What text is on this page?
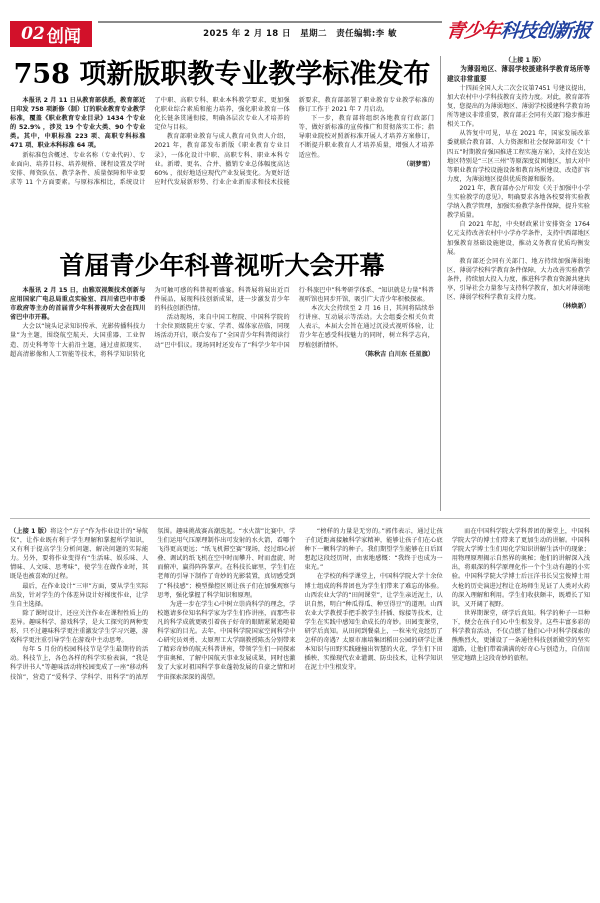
02 创闻	2025 年 2 月 18 日 星期二 责任编辑:李 敏	青少年科技创新报
758 项新版职教专业教学标准发布

本报讯 2 月 11 日从教育部获悉，教育部近日印发 758 项新修（制）订的职业教育专业教学标准，覆盖《职业教育专业目录》1434 个专业的 52.9% ，涉及 19 个专业大类、90 个专业类。其中，中职标准 223 项、高职专科标准 471 项、职业本科标准 64 项。

新标准包含概述、专业名称（专业代码）、专业面向、培养目标、培养规格、课程设置及学时安排、师资队伍、教学条件、质量保障和毕业要求等 11 个方面要素。与原标准相比，系统设计了中职、高职专科、职业本科教学要求，更加强化职业综合素质和能力培养，强化职业教育一体化长链条贯通衔接，明确各层次专业人才培养的定位与目标。

教育部职业教育与成人教育司负责人介绍，2021 年，教育部发布新版《职业教育专业目录》，一体化设计中职、高职专科、职业本科专业。新增、更名、合并、撤销专业总体幅度高达 60% ，很好地适应现代产业发展变化。为更好适应时代发展新形势、行业企业新需求和技术技能新要求，教育部部署了职业教育专业教学标准的修订工作于 2021 年 7 月启动。

下一步，教育部将组织各地教育行政部门等，做好新标准的宣传推广和贯彻落实工作；指导职业院校对照新标准开展人才培养方案修订，不断提升职业教育人才培养质量，增强人才培养适应性。

（胡梦雪）

首届青少年科普视听大会开幕

本报讯 2 月 15 日，由雅双视频技术创新与应用国家广电总局重点实验室、四川省巴中市委市政府等主办的首届青少年科普视听大会在四川省巴中市开幕。

大会以“镜头记录知识传承、光影传播科技力量”为主题，围绕航空航天、大国重器、工业智造、历史科考等十大前沿主题，通过虚拟现实、超高清影像和人工智能等技术，将科学知识转化为可触可感的科普视听盛宴。科普展将展出近百件展品，展现科技创新成果，进一步激发青少年的科技创新热情。

活动现场，来自中国工程院、中国科学院的十余位顶级院庄专家、学者、媒体家莅临，同现场活动开启，联合发布了“全国青少年科普阅读行动”巴中倡议。现场同时还发布了“科学少年中国行·科旅巴中”科考研学体系、“知识就是力量”科普视听馆也同步开馆，吸引广大青少年积极探索。

本次大会持续至 2 月 16 日，其间将陆续举行讲座、互动展示等活动。大会组委会相关负责人表示，本届大会旨在通过沉浸式视听体验，让青少年在感受科技魅力的同时，树立科学志向，厚植创新情怀。

（陈秋吉 白川东 任星旗）

（上接 1 版）

为薄弱地区、薄弱学校援建科学教育场所等建议非常重要

十四届全国人大二次会议第7451 号建议提出，加大农村中小学科技教育支持力度。对此，教育部答复，您提出的为薄弱地区、薄弱学校援建科学教育场所等建议非常重要，教育部正会同有关部门稳步推进相关工作。

从答复中可见，早在 2021 年，国家发展改革委就联合教育部、人力资源和社会保障部印发《“十四五”时期教育强国推进工程实施方案》，支持在发达地区特别是“三区三州”等原深度贫困地区，加大对中等职业教育学校设施设备和教育场所建设、改造扩容力度，为薄弱地区提供优质资源和服务。

2021 年，教育部办公厅印发《关于加强中小学生实验教学的意见》，明确要求各地各校要将实验教学纳入教学管理，加强实验教学条件保障，提升实验教学质量。

自 2021 年起，中央财政累计安排资金 1764 亿元支持改善农村中小学办学条件，支持中西部地区加强教育基础设施建设，推动义务教育优质均衡发展。

教育部还会同有关部门、地方持续加强薄弱地区、薄弱学校科学教育条件保障，大力改善实验教学条件，持续加大投入力度，推进科学教育资源共建共享，引导社会力量参与支持科学教育，加大对薄弱地区、薄弱学校科学教育支持力度。

（林焕新）

（上接 1 版）将这个“方子”作为作业设计的“导航仪”，让作业既有利于学生理解和掌握所学知识，又有利于提高学生分析问题、解决问题的实际能力。另外，要将作业变得有“生活味、娱乐味、人情味、人文味、思考味”，使学生在做作业时，其既是也被喜欢的过程。

最后，在作业设计“三审”方面，要从学生实际出发，针对学生的个体差异设计好梯度作业，让学生自主选择。

除了课时设计，还应关注作业在课程性质上的差异。趣味科学、游戏科学，是大工探究的两种变形，只不过趣味科学更注重激发学生学习兴趣，游戏科学更注重引导学生在游戏中主动思考。

每年 5 月份的校园科技节是学生最期待的活动。科技节上，各色各样的科学实验表演，“我是科学讲书人”等趣味活动将校园变成了一座“移动科技馆”，营造了“爱科学、学科学、用科学”的浓厚氛围。趣味挑战赛高潮迭起。“水火箭”比赛中，学生们运用气压原理制作出可发射的水火箭，看哪个飞得更高更远；“纸飞机滞空赛”现场，经过细心折叠、调试的纸飞机在空中时而攀升、时而盘旋、时而俯冲，赢得阵阵掌声。在科技长廊里，学生们在老师的引导下制作了奇妙的光影装置，真切感受到了“科技感”；模型操控区则让孩子们在加强观察与思考，强化掌握了科学知识和原理。

为进一步在学生心中树立崇尚科学的理念，学校邀请多位知名科学家为学生们作讲座，而那些非凡的科学成就更吸引着孩子好奇的眼睛紧紧追随着科学家的目光。去年，中国科学院国家空间科学中心研究员刘勇、太原理工大学副教授陈杰分别带来了精彩奇妙的航天科普讲座，带领学生们一同探索宇宙奥秘、了解中国航天事业发展成果，同时也激发了大家对祖国科学事业蓬勃发展的自豪之情和对宇宙探索深深的渴望。

“榜样的力量是无穷的。”郭伟表示，通过让孩子们近距离接触科学家精神，能够让孩子们在心底种下一颗科学的种子。我们期望学生能够在日后回想起这段经历时，由衷地感慨：“我终于也成为一束光。”

在学校的科学课堂上，中国科学院大学十余位博士组成的科普团也为学生们带来了难忘的体验。山西农业大学的“田间课堂”，让学生亲近泥土，认识自然，明白“种瓜得瓜、种豆得豆”的道理。山西农业大学教授手把手教学生扦插、嫁接等技术，让学生在实践中感知生命成长的奇妙。田园变课堂，研学后真知。从田间到餐桌上，一粒米究竟经历了怎样的奇遇？太原市康培集团稻田公园的研学让课本知识与田野实践碰撞出智慧的火花，学生们下田插秧、实操现代农业灌溉、防虫技术，让科学知识在泥土中生根发芽。

而在中国科学院大学科普团的课堂上，中国科学院大学的博士们带来了更加生动的讲解。中国科学院大学博士生们用化学知识讲解生活中的现象；用物理原理揭示自然界的奥秘；他们的讲解深入浅出，将艰深的科学原理化作一个个生动有趣的小实验。中国科学院大学博士后汪洋书长吴宝俊博士用火枪的历史演进过程让在场师生见证了人类对火药的深入理解和利用。学生们收获颇丰，既增长了知识，又开阔了视野。

世界期课堂，研学后真知。科学的种子一旦种下，便会在孩子们心中生根发芽。这些丰富多彩的科学教育活动，不仅点燃了他们心中对科学探索的熊熊烈火，更铺设了一条通往科技创新殿堂的坚实道路，让他们带着满满的好奇心与创造力，自信而坚定地踏上这段奇妙的旅程。
